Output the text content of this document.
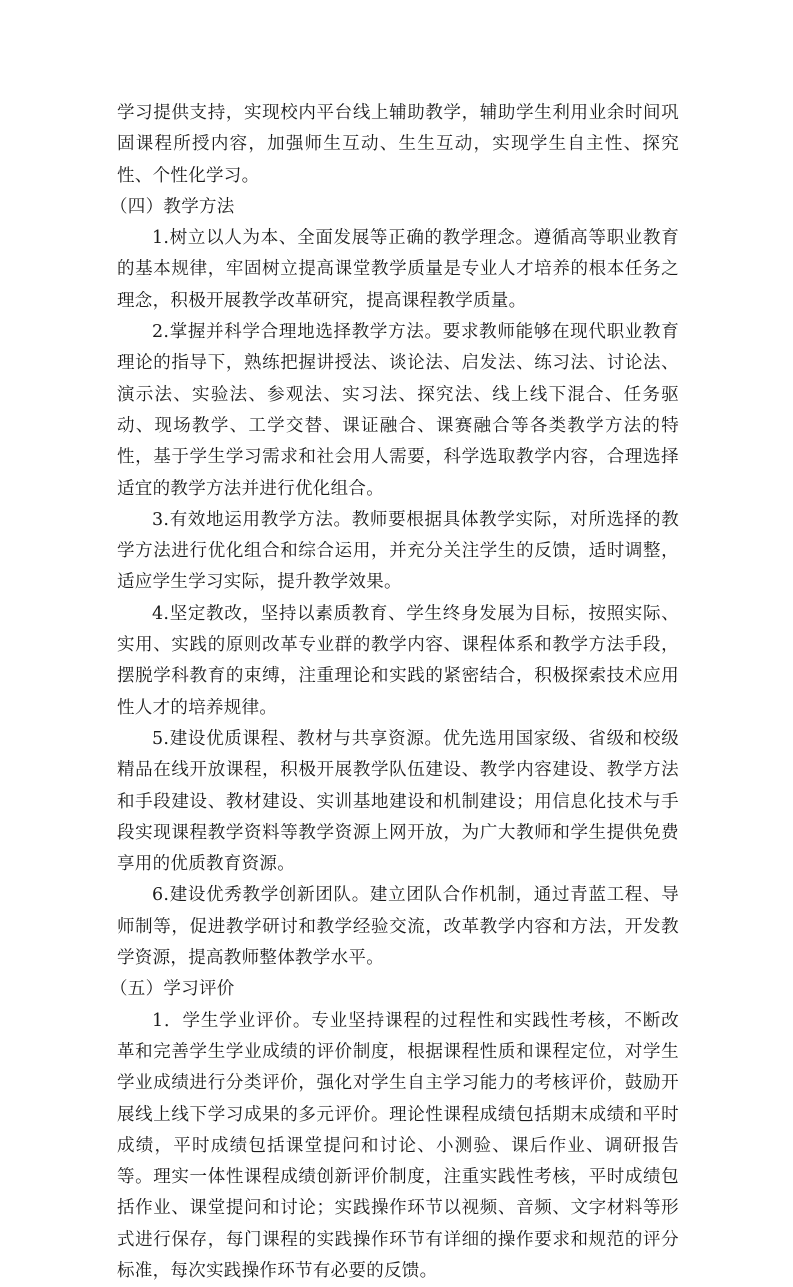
学习提供支持，实现校内平台线上辅助教学，辅助学生利用业余时间巩固课程所授内容，加强师生互动、生生互动，实现学生自主性、探究性、个性化学习。

（四）教学方法

1.树立以人为本、全面发展等正确的教学理念。遵循高等职业教育的基本规律，牢固树立提高课堂教学质量是专业人才培养的根本任务之理念，积极开展教学改革研究，提高课程教学质量。

2.掌握并科学合理地选择教学方法。要求教师能够在现代职业教育理论的指导下，熟练把握讲授法、谈论法、启发法、练习法、讨论法、演示法、实验法、参观法、实习法、探究法、线上线下混合、任务驱动、现场教学、工学交替、课证融合、课赛融合等各类教学方法的特性，基于学生学习需求和社会用人需要，科学选取教学内容，合理选择适宜的教学方法并进行优化组合。

3.有效地运用教学方法。教师要根据具体教学实际，对所选择的教学方法进行优化组合和综合运用，并充分关注学生的反馈，适时调整，适应学生学习实际，提升教学效果。

4.坚定教改，坚持以素质教育、学生终身发展为目标，按照实际、实用、实践的原则改革专业群的教学内容、课程体系和教学方法手段，摆脱学科教育的束缚，注重理论和实践的紧密结合，积极探索技术应用性人才的培养规律。

5.建设优质课程、教材与共享资源。优先选用国家级、省级和校级精品在线开放课程，积极开展教学队伍建设、教学内容建设、教学方法和手段建设、教材建设、实训基地建设和机制建设；用信息化技术与手段实现课程教学资料等教学资源上网开放，为广大教师和学生提供免费享用的优质教育资源。

6.建设优秀教学创新团队。建立团队合作机制，通过青蓝工程、导师制等，促进教学研讨和教学经验交流，改革教学内容和方法，开发教学资源，提高教师整体教学水平。

（五）学习评价

1．学生学业评价。专业坚持课程的过程性和实践性考核，不断改革和完善学生学业成绩的评价制度，根据课程性质和课程定位，对学生学业成绩进行分类评价，强化对学生自主学习能力的考核评价，鼓励开展线上线下学习成果的多元评价。理论性课程成绩包括期末成绩和平时成绩，平时成绩包括课堂提问和讨论、小测验、课后作业、调研报告等。理实一体性课程成绩创新评价制度，注重实践性考核，平时成绩包括作业、课堂提问和讨论；实践操作环节以视频、音频、文字材料等形式进行保存，每门课程的实践操作环节有详细的操作要求和规范的评分标准，每次实践操作环节有必要的反馈。
